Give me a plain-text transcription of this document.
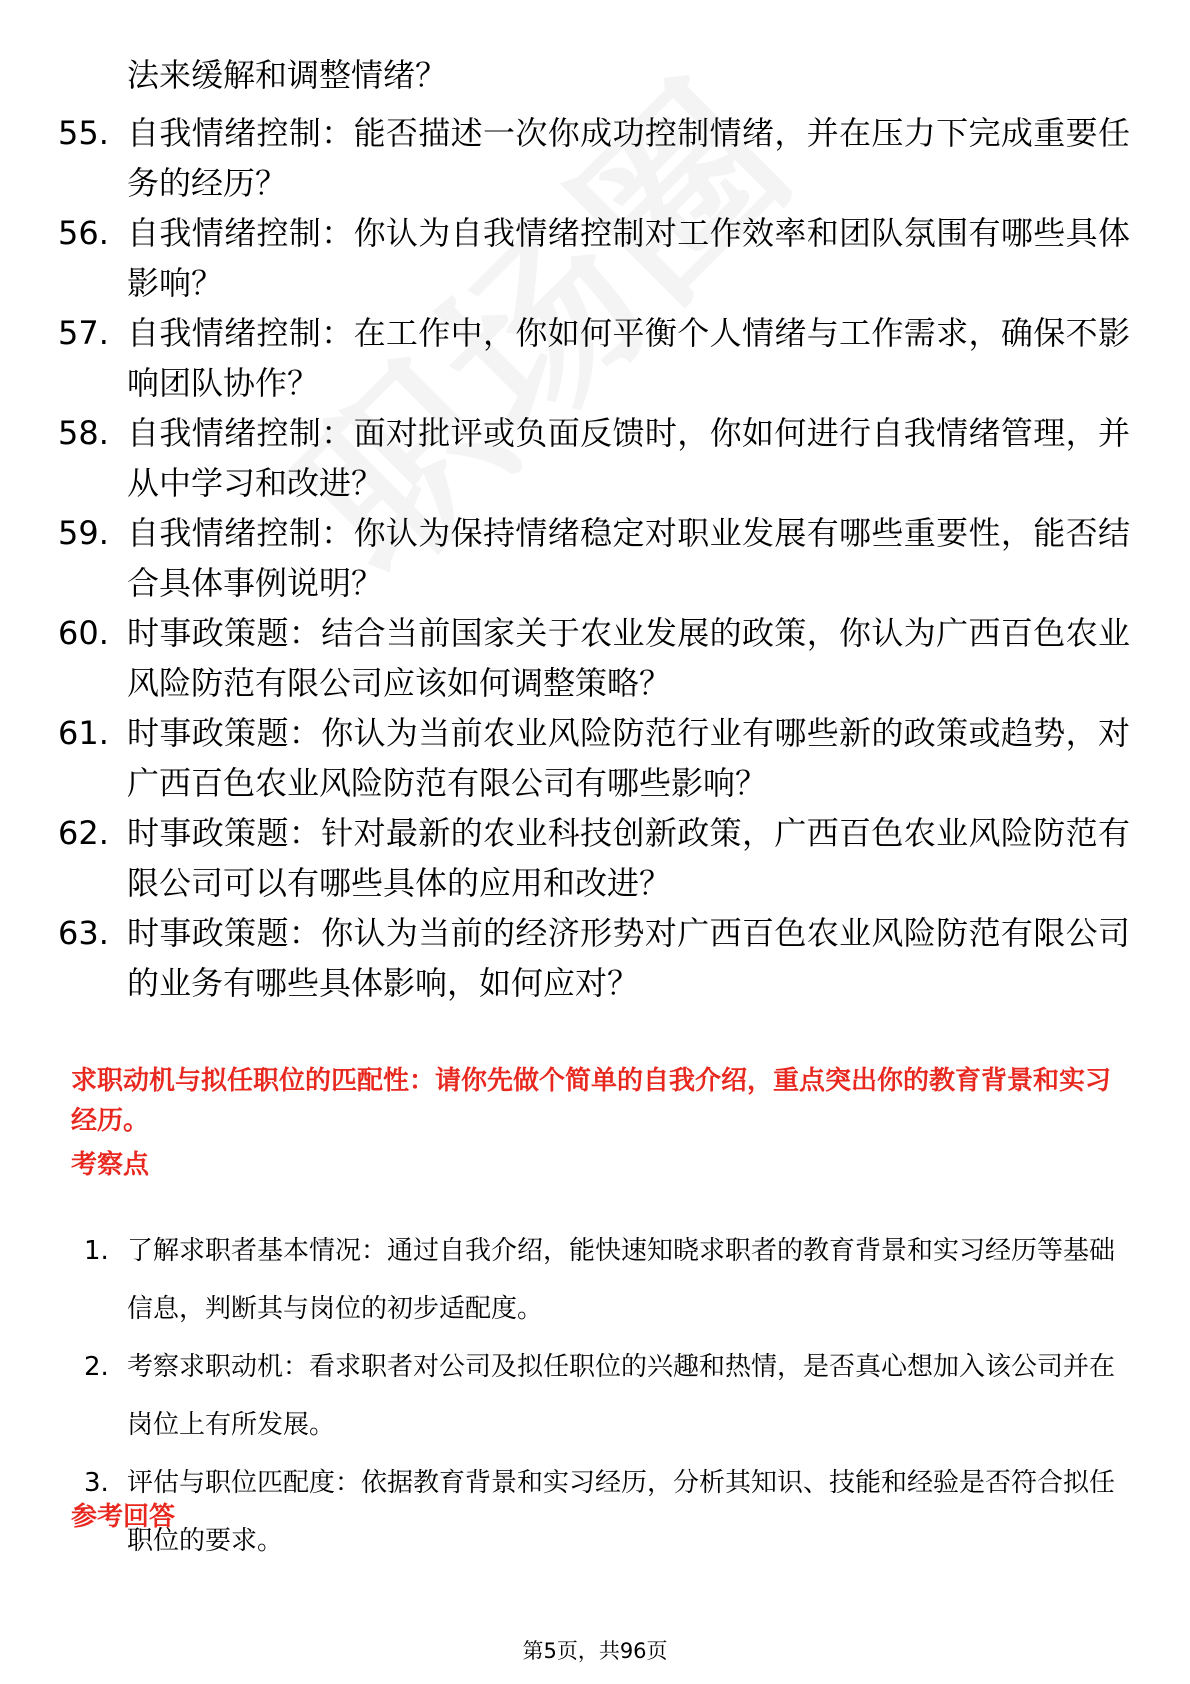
法来缓解和调整情绪？
55. 自我情绪控制：能否描述一次你成功控制情绪，并在压力下完成重要任务的经历？
56. 自我情绪控制：你认为自我情绪控制对工作效率和团队氛围有哪些具体影响？
57. 自我情绪控制：在工作中，你如何平衡个人情绪与工作需求，确保不影响团队协作？
58. 自我情绪控制：面对批评或负面反馈时，你如何进行自我情绪管理，并从中学习和改进？
59. 自我情绪控制：你认为保持情绪稳定对职业发展有哪些重要性，能否结合具体事例说明？
60. 时事政策题：结合当前国家关于农业发展的政策，你认为广西百色农业风险防范有限公司应该如何调整策略？
61. 时事政策题：你认为当前农业风险防范行业有哪些新的政策或趋势，对广西百色农业风险防范有限公司有哪些影响？
62. 时事政策题：针对最新的农业科技创新政策，广西百色农业风险防范有限公司可以有哪些具体的应用和改进？
63. 时事政策题：你认为当前的经济形势对广西百色农业风险防范有限公司的业务有哪些具体影响，如何应对？
求职动机与拟任职位的匹配性：请你先做个简单的自我介绍，重点突出你的教育背景和实习经历。
考察点
1. 了解求职者基本情况：通过自我介绍，能快速知晓求职者的教育背景和实习经历等基础信息，判断其与岗位的初步适配度。
2. 考察求职动机：看求职者对公司及拟任职位的兴趣和热情，是否真心想加入该公司并在岗位上有所发展。
3. 评估与职位匹配度：依据教育背景和实习经历，分析其知识、技能和经验是否符合拟任职位的要求。
参考回答
第5页，共96页
